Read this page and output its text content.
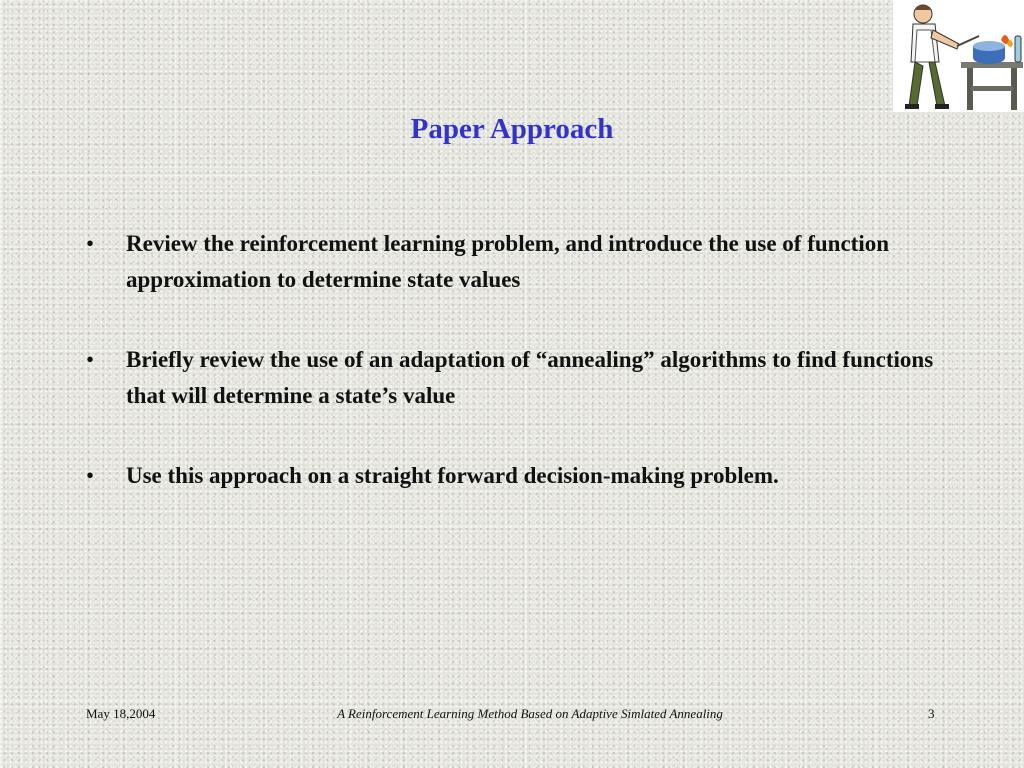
Paper Approach
• Review the reinforcement learning problem, and introduce the use of function approximation to determine state values
• Briefly review the use of an adaptation of “annealing” algorithms to find functions that will determine a state’s value
• Use this approach on a straight forward decision-making problem.
May 18,2004	A Reinforcement Learning Method Based on Adaptive Simlated Annealing	3
